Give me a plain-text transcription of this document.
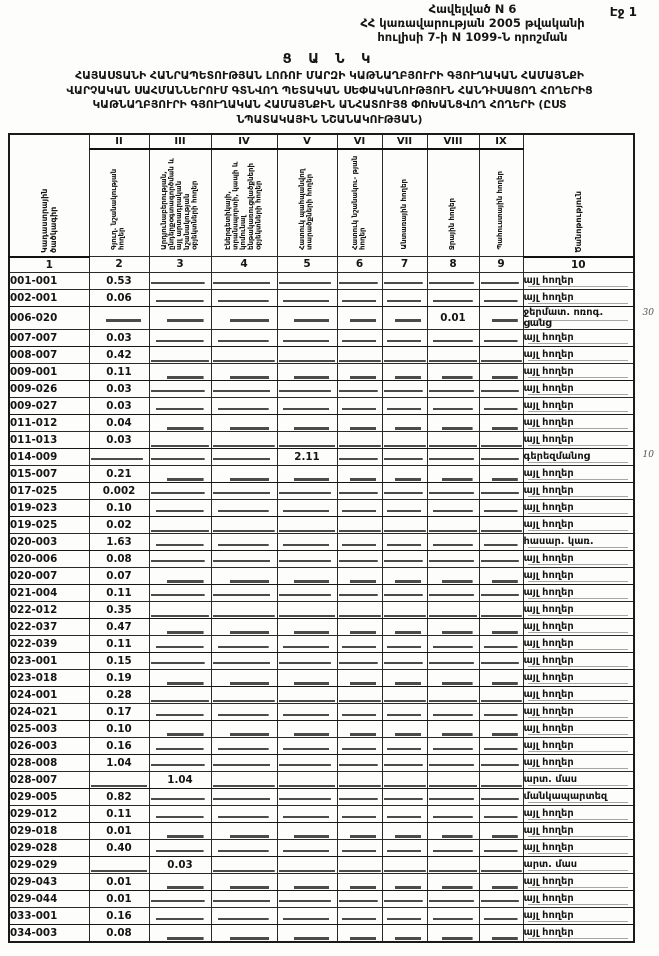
Էջ 1
Հավելված N 6
ՀՀ կառավարության 2005 թվականի
հուլիսի 7-ի N 1099-Ն որոշման
Ց Ա Ն Կ
ՀԱՅԱՍՏԱՆԻ ՀԱՆՐԱՊԵՏՈՒԹՅԱՆ ԼՈՌՈՒ ՄԱՐԶԻ ԿԱԹՆԱՂԲՅՈՒՐԻ ԳՅՈՒՂԱԿԱՆ ՀԱՄԱՅՆՔԻ
ՎԱՐՉԱԿԱՆ ՍԱՀՄԱՆՆԵՐՈՒՄ ԳՏՆՎՈՂ ՊԵՏԱԿԱՆ ՍԵՓԱԿԱՆՈՒԹՅՈՒՆ ՀԱՆԴԻՍԱՑՈՂ ՀՈՂԵՐԻՑ
ԿԱԹՆԱՂԲՅՈՒՐԻ ԳՅՈՒՂԱԿԱՆ ՀԱՄԱՅՆՔԻՆ ԱՆՀԱՏՈՒՅՑ ՓՈԽԱՆՑՎՈՂ ՀՈՂԵՐԻ (ԸՍՏ
ՆՊԱՏԱԿԱՅԻՆ ՆՇԱՆԱԿՈՒԹՅԱՆ)
Կադաստրային ծածկագիր	II	III	IV	V	VI	VII	VIII	IX	Ծանոթություն
	Գյուղ. նշանակության հողեր	Արդյունաբերության, ընդերքօգտագործման և այլ արտադրական նշանակության օբյեկտների հողեր	Էներգետիկայի, տրանսպորտի, կապի և կոմունալ ենթակառուցվածքների օբյեկտների հողեր	Հատուկ պահպանվող տարածքների հողեր	Հատուկ նշանակու- թյան հողեր	Անտառային հողեր	Ջրային հողեր	Պահուստային հողեր	
1	2	3	4	5	6	7	8	9	10
001-001	0.53								այլ հողեր
002-001	0.06								այլ հողեր
006-020							0.01		ջերմատ. ոռոգ. ցանց
30

007-007	0.03								այլ հողեր
008-007	0.42								այլ հողեր
009-001	0.11								այլ հողեր
009-026	0.03								այլ հողեր
009-027	0.03								այլ հողեր
011-012	0.04								այլ հողեր
011-013	0.03								այլ հողեր
014-009				2.11					գերեզմանոց 10

015-007	0.21								այլ հողեր
017-025	0.002								այլ հողեր
019-023	0.10								այլ հողեր
019-025	0.02								այլ հողեր
020-003	1.63								հասար. կառ.
020-006	0.08								այլ հողեր
020-007	0.07								այլ հողեր
021-004	0.11								այլ հողեր
022-012	0.35								այլ հողեր
022-037	0.47								այլ հողեր
022-039	0.11								այլ հողեր
023-001	0.15								այլ հողեր
023-018	0.19								այլ հողեր
024-001	0.28								այլ հողեր
024-021	0.17								այլ հողեր
025-003	0.10								այլ հողեր
026-003	0.16								այլ հողեր
028-008	1.04								այլ հողեր
028-007		1.04							արտ. մաս
029-005	0.82								մանկապարտեզ
029-012	0.11								այլ հողեր
029-018	0.01								այլ հողեր
029-028	0.40								այլ հողեր
029-029		0.03							արտ. մաս
029-043	0.01								այլ հողեր
029-044	0.01								այլ հողեր
033-001	0.16								այլ հողեր
034-003	0.08								այլ հողեր
